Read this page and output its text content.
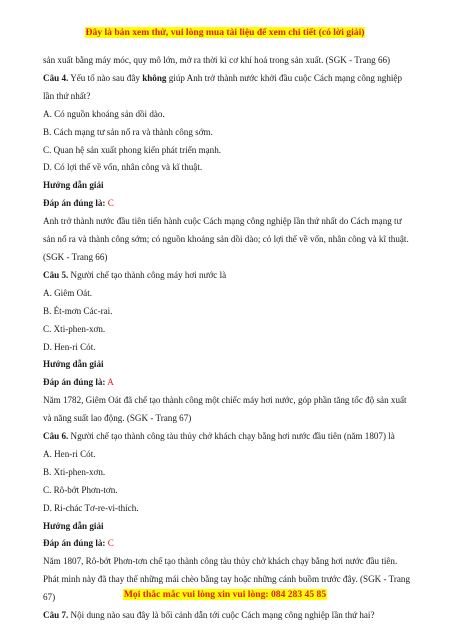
Đây là bản xem thử, vui lòng mua tài liệu để xem chi tiết (có lời giải)

sản xuất bằng máy móc, quy mô lớn, mở ra thời kì cơ khí hoá trong sản xuất. (SGK - Trang 66)

Câu 4. Yếu tố nào sau đây không giúp Anh trở thành nước khởi đầu cuộc Cách mạng công nghiệp lần thứ nhất?

A. Có nguồn khoáng sản dồi dào.

B. Cách mạng tư sản nổ ra và thành công sớm.

C. Quan hệ sản xuất phong kiến phát triển mạnh.

D. Có lợi thế về vốn, nhân công và kĩ thuật.

Hướng dẫn giải

Đáp án đúng là: C

Anh trở thành nước đầu tiên tiến hành cuộc Cách mạng công nghiệp lần thứ nhất do Cách mạng tư sản nổ ra và thành công sớm; có nguồn khoáng sản dồi dào; có lợi thế về vốn, nhân công và kĩ thuật. (SGK - Trang 66)

Câu 5. Người chế tạo thành công máy hơi nước là

A. Giêm Oát.

B. Ét-mơn Các-rai.

C. Xti-phen-xơn.

D. Hen-ri Cót.

Hướng dẫn giải

Đáp án đúng là: A

Năm 1782, Giêm Oát đã chế tạo thành công một chiếc máy hơi nước, góp phần tăng tốc độ sản xuất và năng suất lao động. (SGK - Trang 67)

Câu 6. Người chế tạo thành công tàu thủy chở khách chạy bằng hơi nước đầu tiên (năm 1807) là

A. Hen-ri Cót.

B. Xti-phen-xơn.

C. Rô-bớt Phơn-tơn.

D. Ri-chác Tơ-re-vi-thích.

Hướng dẫn giải

Đáp án đúng là: C

Năm 1807, Rô-bớt Phơn-tơn chế tạo thành công tàu thủy chở khách chạy bằng hơi nước đầu tiên. Phát minh này đã thay thế những mái chèo bằng tay hoặc những cánh buồm trước đây. (SGK - Trang 67)

Câu 7. Nội dung nào sau đây là bối cảnh dẫn tới cuộc Cách mạng công nghiệp lần thứ hai?

Mọi thắc mắc vui lòng xin vui lòng: 084 283 45 85
